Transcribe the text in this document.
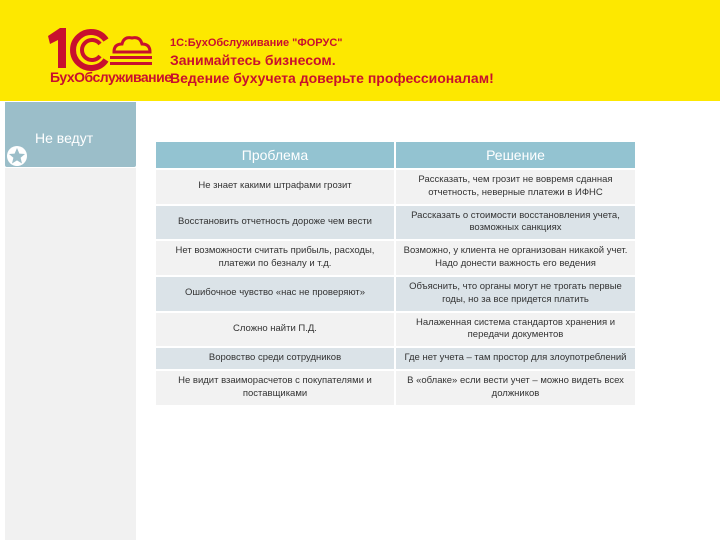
БухОбслуживание
1С:БухОбслуживание "ФОРУС"
Занимайтесь бизнесом.
Ведение бухучета доверьте профессионалам!
Не ведут
Проблема	Решение
Не знает какими штрафами грозит	Рассказать, чем грозит не вовремя сданная отчетность, неверные платежи в ИФНС
Восстановить отчетность дороже чем вести	Рассказать о стоимости восстановления учета, возможных санкциях
Нет возможности считать прибыль, расходы, платежи по безналу и т.д.	Возможно, у клиента не организован никакой учет. Надо донести важность его ведения
Ошибочное чувство «нас не проверяют»	Объяснить, что органы могут не трогать первые годы, но за все придется платить
Сложно найти П.Д.	Налаженная система стандартов хранения и передачи документов
Воровство среди сотрудников	Где нет учета – там простор для злоупотреблений
Не видит взаиморасчетов с покупателями и поставщиками	В «облаке» если вести учет – можно видеть всех должников
